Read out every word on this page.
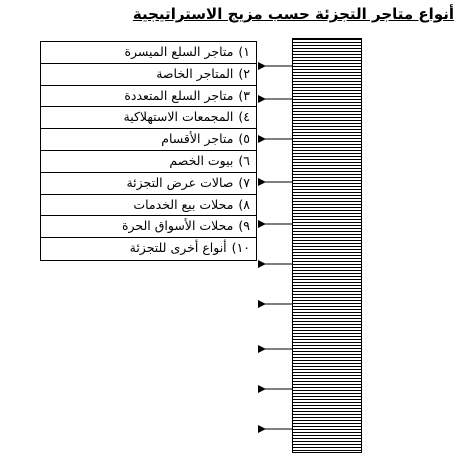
أنواع متاجر التجزئة حسب مزيج الاستراتيجية
١)متاجر السلع الميسرة
٢)المتاجر الخاصة
٣)متاجر السلع المتعددة
٤)المجمعات الاستهلاكية
٥)متاجر الأقسام
٦)بيوت الخصم
٧)صالات عرض التجزئة
٨)محلات بيع الخدمات
٩)محلات الأسواق الحرة
١٠)أنواع أخرى للتجزئة
